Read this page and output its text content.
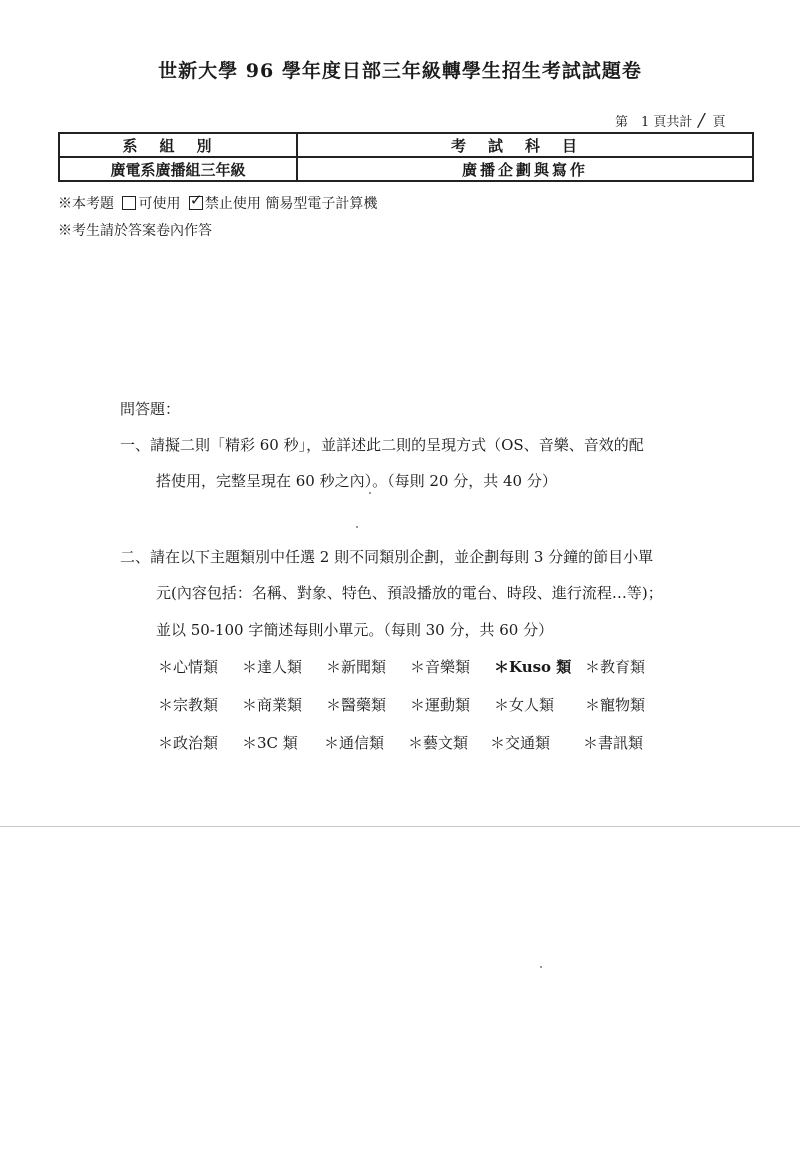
世新大學 96 學年度日部三年級轉學生招生考試試題卷
第　1 頁共計 / 頁
系組別	考試科目
廣電系廣播組三年級	廣播企劃與寫作
※本考題 可使用 ✓ 禁止使用 簡易型電子計算機
※考生請於答案卷內作答
問答題：
一、請擬二則「精彩 60 秒」，並詳述此二則的呈現方式（OS、音樂、音效的配
搭使用，完整呈現在 60 秒之內）。（每則 20 分，共 40 分）
二、請在以下主題類別中任選 2 則不同類別企劃，並企劃每則 3 分鐘的節目小單
元(內容包括：名稱、對象、特色、預設播放的電台、時段、進行流程…等)；
並以 50-100 字簡述每則小單元。（每則 30 分，共 60 分）
＊心情類 ＊達人類 ＊新聞類 ＊音樂類 ＊Kuso 類 ＊教育類
＊宗教類 ＊商業類 ＊醫藥類 ＊運動類 ＊女人類 ＊寵物類
＊政治類 ＊3C 類 ＊通信類 ＊藝文類 ＊交通類 ＊書訊類
